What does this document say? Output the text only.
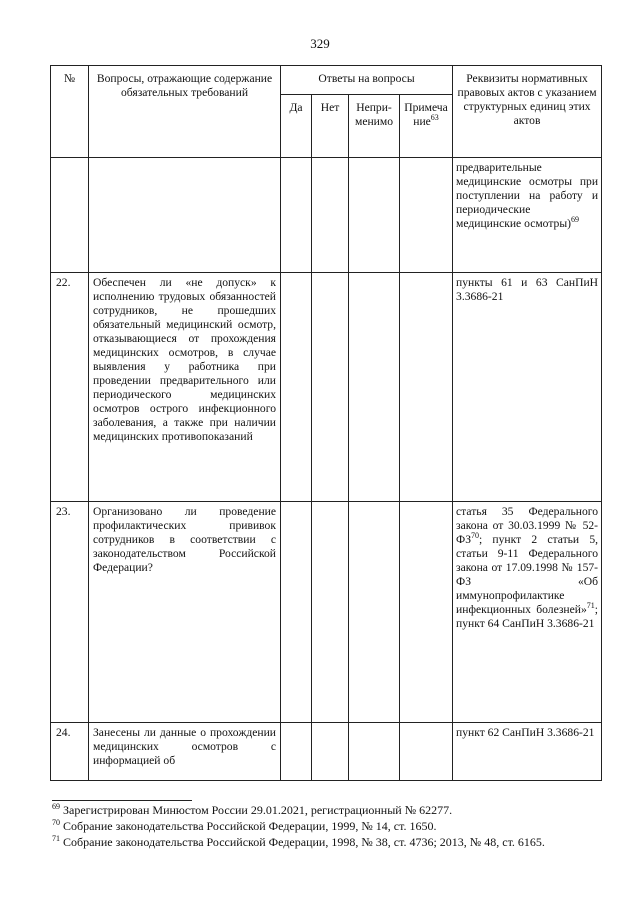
329
№	Вопросы, отражающие содержание обязательных требований	Ответы на вопросы				Реквизиты нормативных правовых актов с указанием структурных единиц этих актов
		Да	Нет	Непри-менимо	Примеча ние$^{63}$
						предварительные медицинские осмотры при поступлении на работу и периодические медицинские осмотры)$^{69}$
22.	Обеспечен ли «не допуск» к исполнению трудовых обязанностей сотрудников, не прошедших обязательный медицинский осмотр, отказывающиеся от прохождения медицинских осмотров, в случае выявления у работника при проведении предварительного или периодического медицинских осмотров острого инфекционного заболевания, а также при наличии медицинских противопоказаний					пункты 61 и 63 СанПиН 3.3686-21
23.	Организовано ли проведение профилактических прививок сотрудников в соответствии с законодательством Российской Федерации?					статья 35 Федерального закона от 30.03.1999 № 52-ФЗ$^{70}$; пункт 2 статьи 5, статьи 9-11 Федерального закона от 17.09.1998 № 157-ФЗ «Об иммунопрофилактике инфекционных болезней»$^{71}$; пункт 64 СанПиН 3.3686-21
24.	Занесены ли данные о прохождении медицинских осмотров с информацией об					пункт 62 СанПиН 3.3686-21
$^{69}$ Зарегистрирован Минюстом России 29.01.2021, регистрационный № 62277.
$^{70}$ Собрание законодательства Российской Федерации, 1999, № 14, ст. 1650.
$^{71}$ Собрание законодательства Российской Федерации, 1998, № 38, ст. 4736; 2013, № 48, ст. 6165.
